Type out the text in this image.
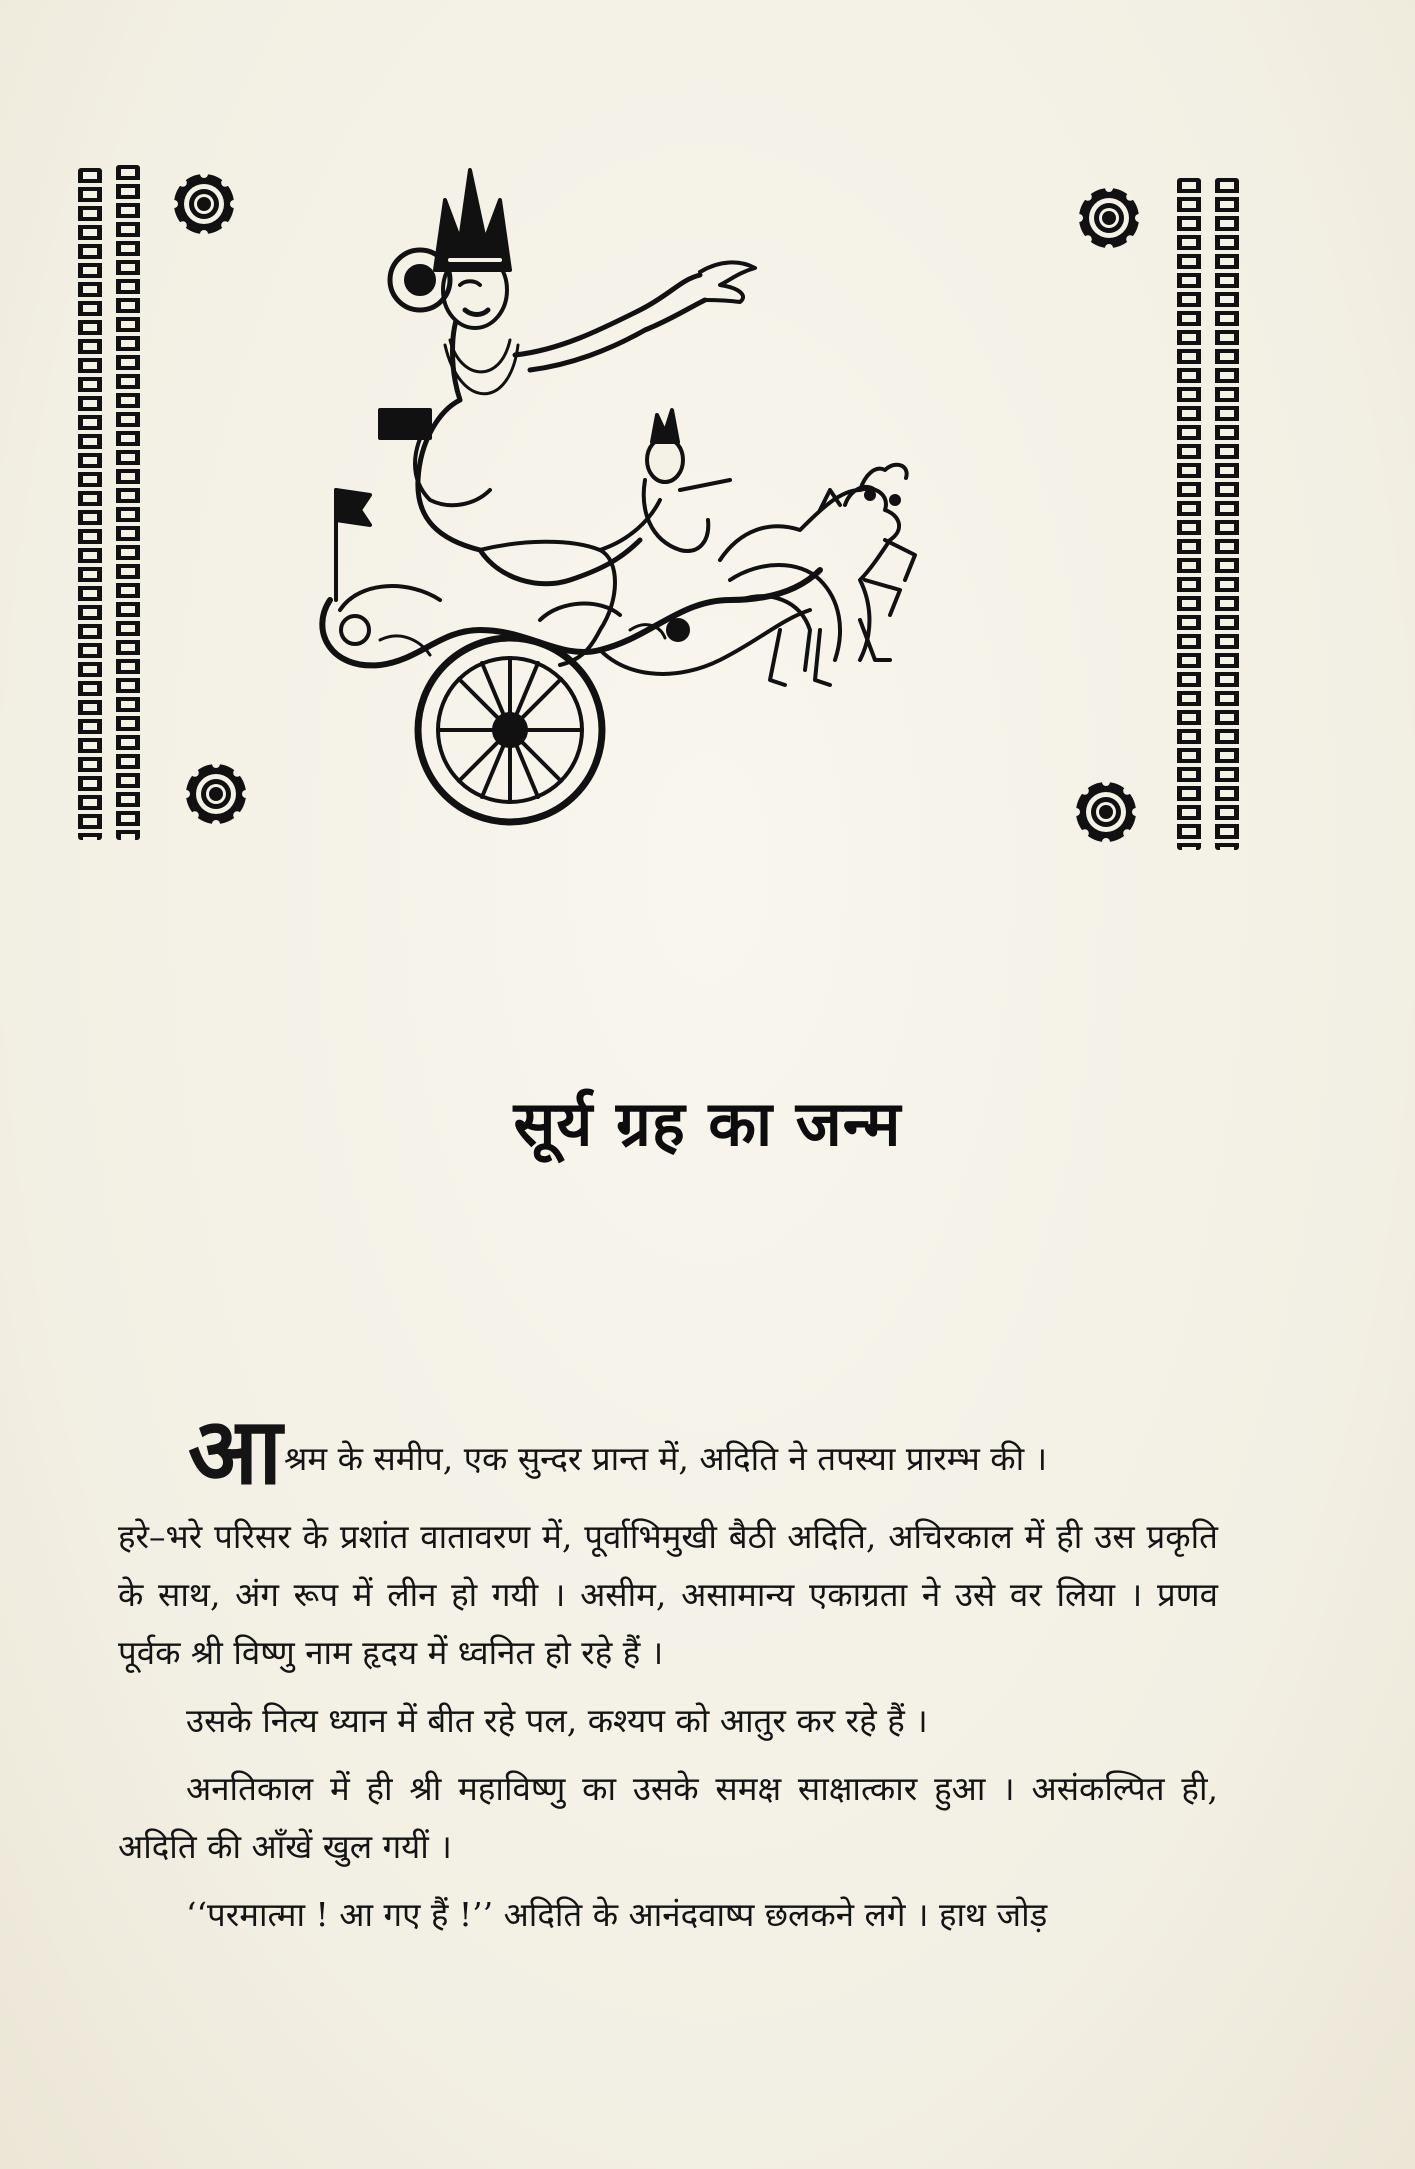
सूर्य ग्रह का जन्म

आ श्रम के समीप, एक सुन्दर प्रान्त में, अदिति ने तपस्या प्रारम्भ की ।

हरे–भरे परिसर के प्रशांत वातावरण में, पूर्वाभिमुखी बैठी अदिति, अचिरकाल में ही उस प्रकृति के साथ, अंग रूप में लीन हो गयी । असीम, असामान्य एकाग्रता ने उसे वर लिया । प्रणव पूर्वक श्री विष्णु नाम हृदय में ध्वनित हो रहे हैं ।

उसके नित्य ध्यान में बीत रहे पल, कश्यप को आतुर कर रहे हैं ।

अनतिकाल में ही श्री महाविष्णु का उसके समक्ष साक्षात्कार हुआ । असंकल्पित ही, अदिति की आँखें खुल गयीं ।

‘‘परमात्मा ! आ गए हैं !’’ अदिति के आनंदवाष्प छलकने लगे । हाथ जोड़
